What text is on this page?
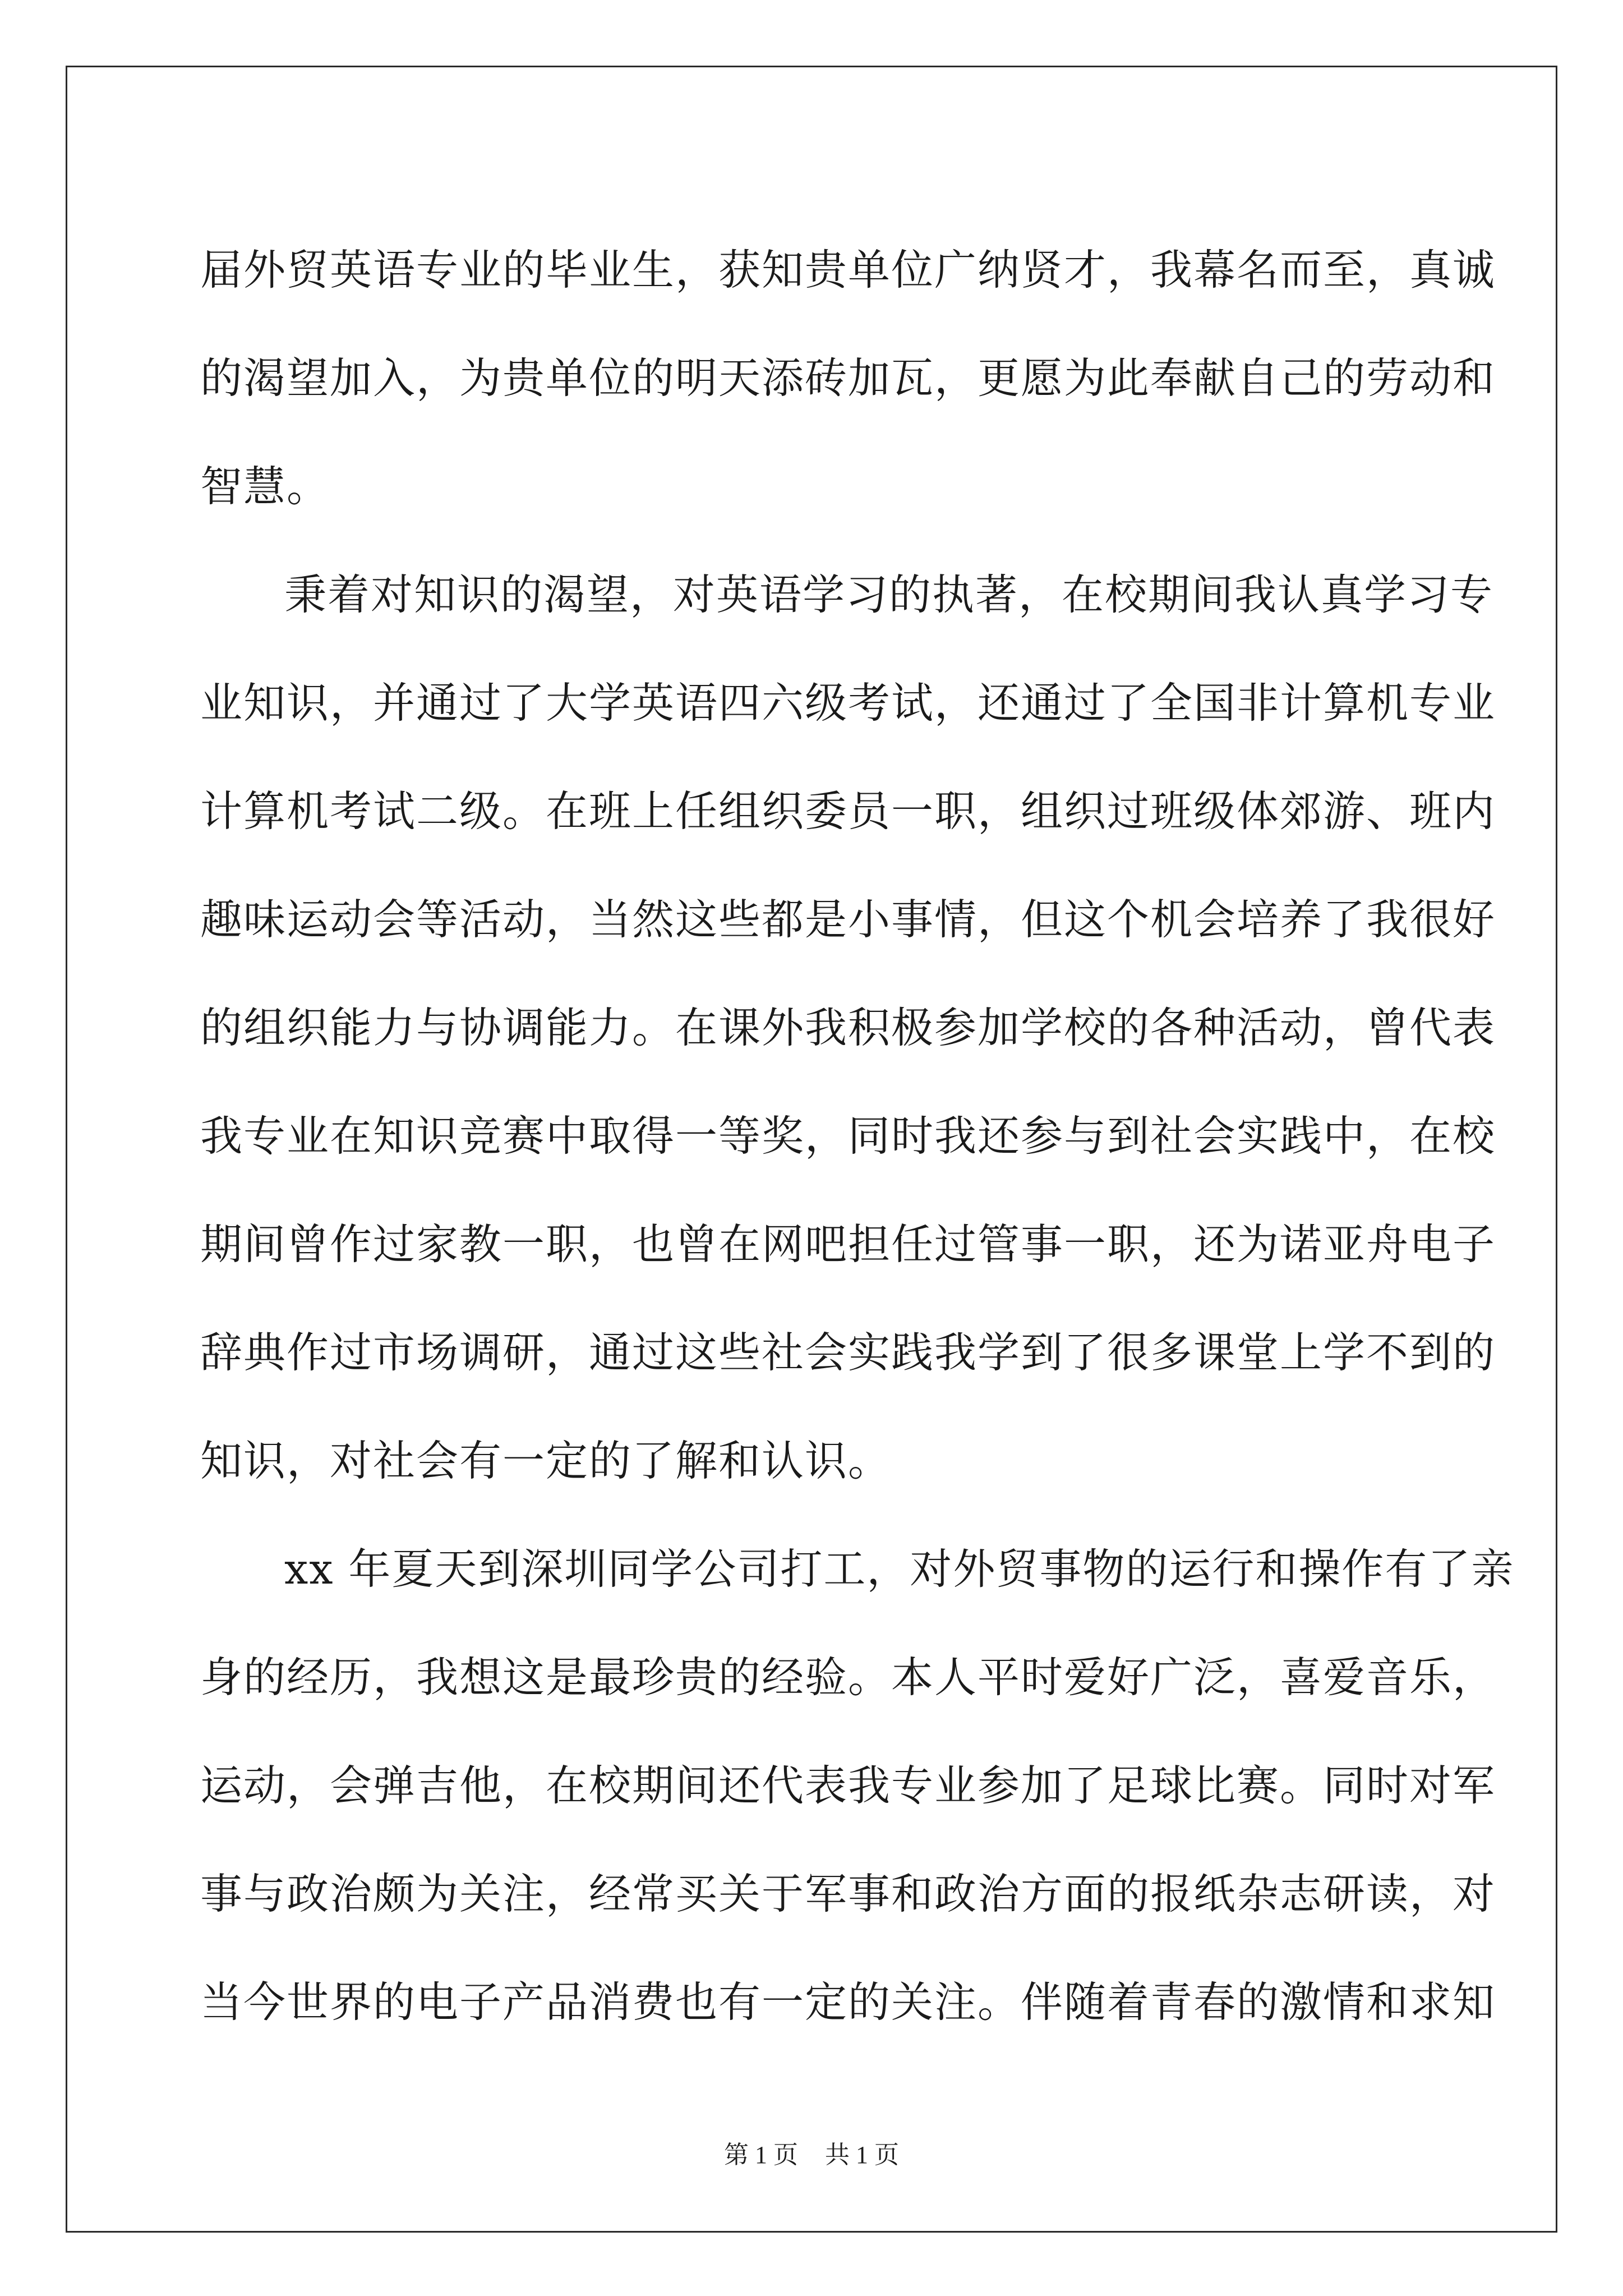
届外贸英语专业的毕业生，获知贵单位广纳贤才，我幕名而至，真诚
的渴望加入，为贵单位的明天添砖加瓦，更愿为此奉献自己的劳动和
智慧。
秉着对知识的渴望，对英语学习的执著，在校期间我认真学习专
业知识，并通过了大学英语四六级考试，还通过了全国非计算机专业
计算机考试二级。在班上任组织委员一职，组织过班级体郊游、班内
趣味运动会等活动，当然这些都是小事情，但这个机会培养了我很好
的组织能力与协调能力。在课外我积极参加学校的各种活动，曾代表
我专业在知识竞赛中取得一等奖，同时我还参与到社会实践中，在校
期间曾作过家教一职，也曾在网吧担任过管事一职，还为诺亚舟电子
辞典作过市场调研，通过这些社会实践我学到了很多课堂上学不到的
知识，对社会有一定的了解和认识。
xx 年夏天到深圳同学公司打工，对外贸事物的运行和操作有了亲
身的经历，我想这是最珍贵的经验。本人平时爱好广泛，喜爱音乐，
运动，会弹吉他，在校期间还代表我专业参加了足球比赛。同时对军
事与政治颇为关注，经常买关于军事和政治方面的报纸杂志研读，对
当今世界的电子产品消费也有一定的关注。伴随着青春的激情和求知
第 1 页 共 1 页
